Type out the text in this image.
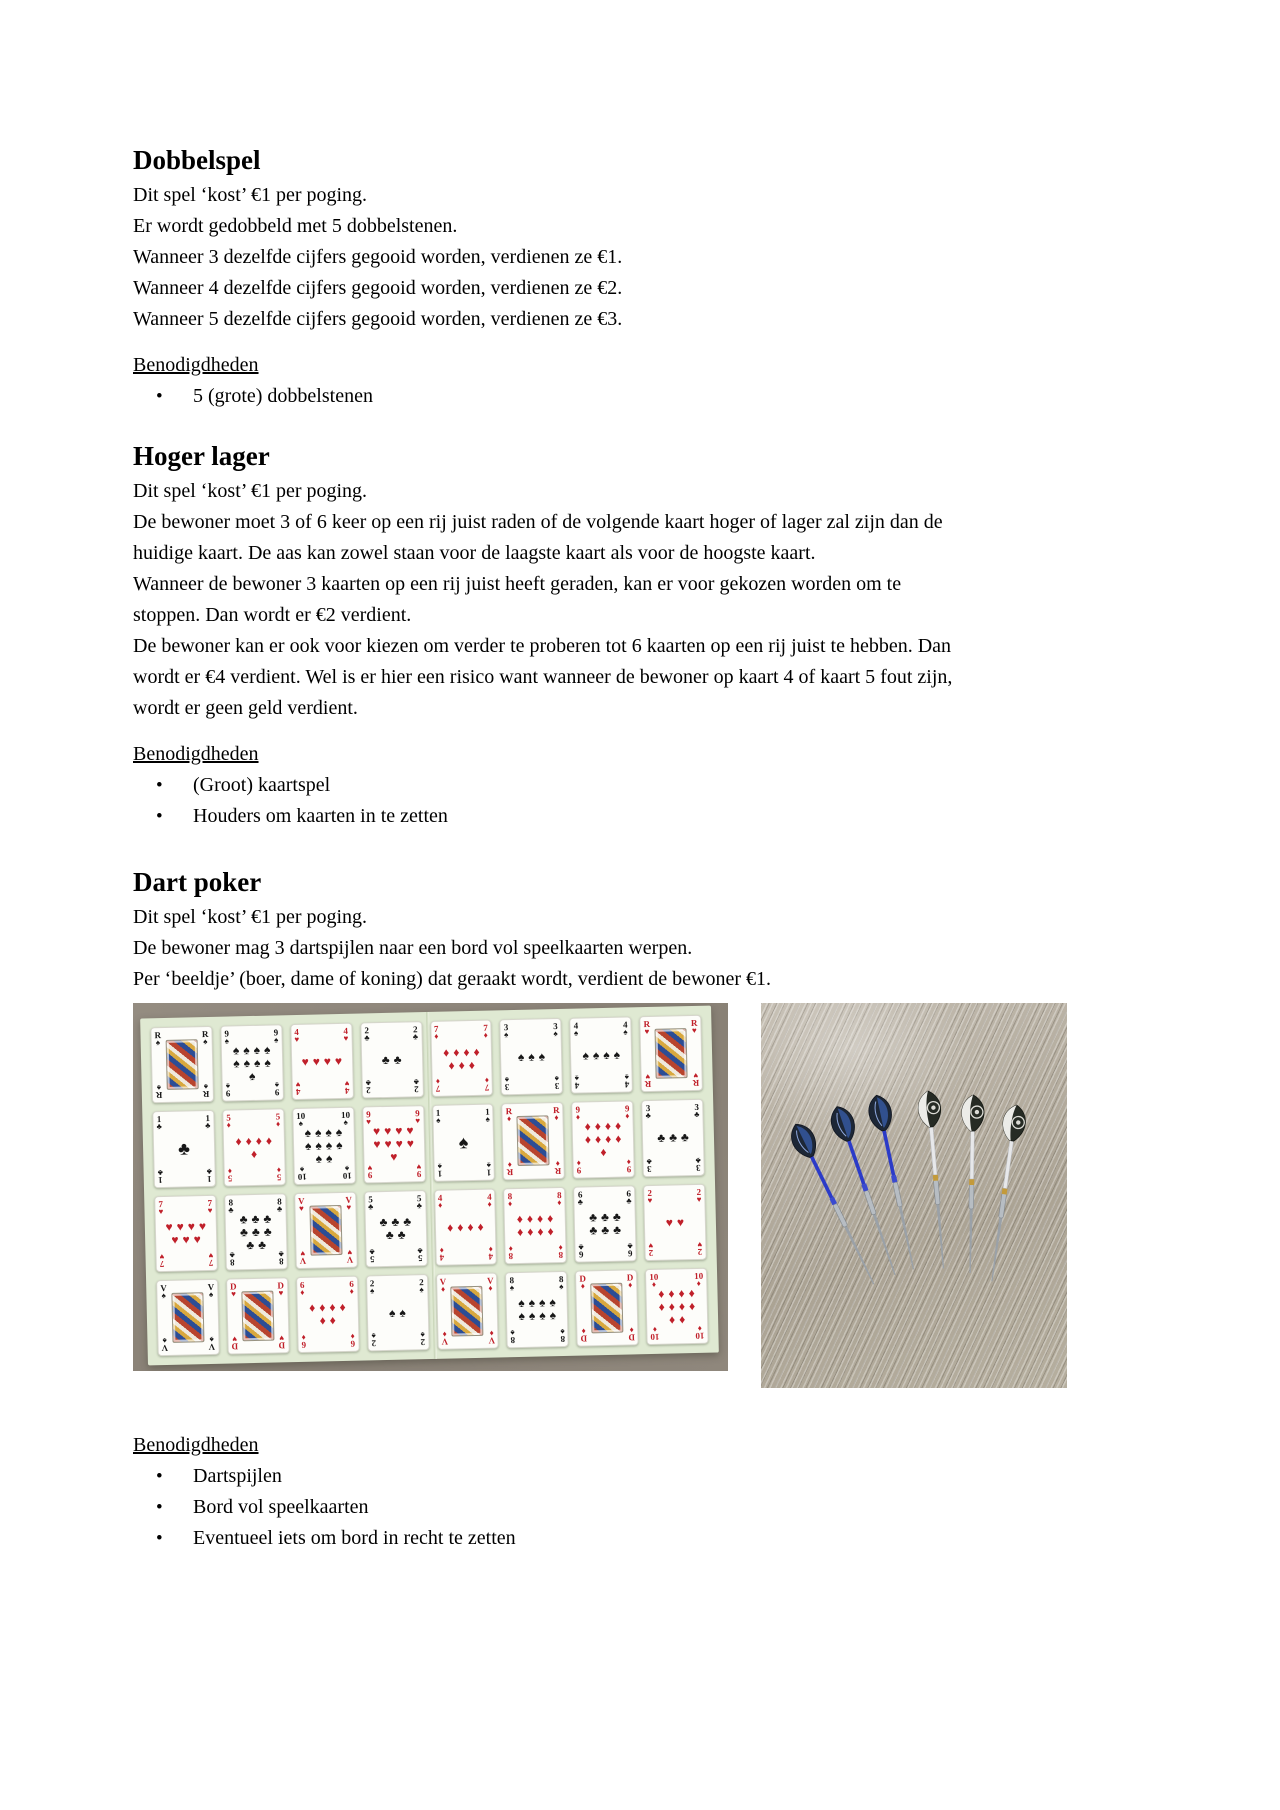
Dobbelspel
Dit spel ‘kost’ €1 per poging.
Er wordt gedobbeld met 5 dobbelstenen.
Wanneer 3 dezelfde cijfers gegooid worden, verdienen ze €1.
Wanneer 4 dezelfde cijfers gegooid worden, verdienen ze €2.
Wanneer 5 dezelfde cijfers gegooid worden, verdienen ze €3.
Benodigdheden
•	5 (grote) dobbelstenen
Hoger lager
Dit spel ‘kost’ €1 per poging.
De bewoner moet 3 of 6 keer op een rij juist raden of de volgende kaart hoger of lager zal zijn dan de
huidige kaart. De aas kan zowel staan voor de laagste kaart als voor de hoogste kaart.
Wanneer de bewoner 3 kaarten op een rij juist heeft geraden, kan er voor gekozen worden om te
stoppen. Dan wordt er €2 verdient.
De bewoner kan er ook voor kiezen om verder te proberen tot 6 kaarten op een rij juist te hebben. Dan
wordt er €4 verdient. Wel is er hier een risico want wanneer de bewoner op kaart 4 of kaart 5 fout zijn,
wordt er geen geld verdient.
Benodigdheden
•	(Groot) kaartspel
•	Houders om kaarten in te zetten
Dart poker
Dit spel ‘kost’ €1 per poging.
De bewoner mag 3 dartspijlen naar een bord vol speelkaarten werpen.
Per ‘beeldje’ (boer, dame of koning) dat geraakt wordt, verdient de bewoner €1.
R
♠
R
♠
R
♠
R
♠
9
♠
9
♠
9
♠
9
♠
♠ ♠ ♠ ♠
♠ ♠ ♠ ♠
♠
4
♥
4
♥
4
♥
4
♥
♥ ♥ ♥ ♥
2
♣
2
♣
2
♣
2
♣
♣ ♣
7
♦
7
♦
7
♦
7
♦
♦ ♦ ♦ ♦
♦ ♦ ♦
3
♠
3
♠
3
♠
3
♠
♠ ♠ ♠
4
♠
4
♠
4
♠
4
♠
♠ ♠ ♠ ♠
R
♥
R
♥
R
♥
R
♥
1
♣
1
♣
1
♣
1
♣
♣
5
♦
5
♦
5
♦
5
♦
♦ ♦ ♦ ♦
♦
10
♠
10
♠
10
♠
10
♠
♠ ♠ ♠ ♠
♠ ♠ ♠ ♠
♠ ♠
9
♥
9
♥
9
♥
9
♥
♥ ♥ ♥ ♥
♥ ♥ ♥ ♥
♥
1
♠
1
♠
1
♠
1
♠
♠
R
♦
R
♦
R
♦
R
♦
9
♦
9
♦
9
♦
9
♦
♦ ♦ ♦ ♦
♦ ♦ ♦ ♦
♦
3
♣
3
♣
3
♣
3
♣
♣ ♣ ♣
7
♥
7
♥
7
♥
7
♥
♥ ♥ ♥ ♥
♥ ♥ ♥
8
♣
8
♣
8
♣
8
♣
♣ ♣ ♣
♣ ♣ ♣
♣ ♣
V
♥
V
♥
V
♥
V
♥
5
♣
5
♣
5
♣
5
♣
♣ ♣ ♣
♣ ♣
4
♦
4
♦
4
♦
4
♦
♦ ♦ ♦ ♦
8
♦
8
♦
8
♦
8
♦
♦ ♦ ♦ ♦
♦ ♦ ♦ ♦
6
♣
6
♣
6
♣
6
♣
♣ ♣ ♣
♣ ♣ ♣
2
♥
2
♥
2
♥
2
♥
♥ ♥
V
♠
V
♠
V
♠
V
♠
D
♥
D
♥
D
♥
D
♥
6
♦
6
♦
6
♦
6
♦
♦ ♦ ♦ ♦
♦ ♦
2
♠
2
♠
2
♠
2
♠
♠ ♠
V
♦
V
♦
V
♦
V
♦
8
♠
8
♠
8
♠
8
♠
♠ ♠ ♠ ♠
♠ ♠ ♠ ♠
D
♦
D
♦
D
♦
D
♦
10
♦
10
♦
10
♦
10
♦
♦ ♦ ♦ ♦
♦ ♦ ♦ ♦
♦ ♦
Benodigdheden
•	Dartspijlen
•	Bord vol speelkaarten
•	Eventueel iets om bord in recht te zetten
